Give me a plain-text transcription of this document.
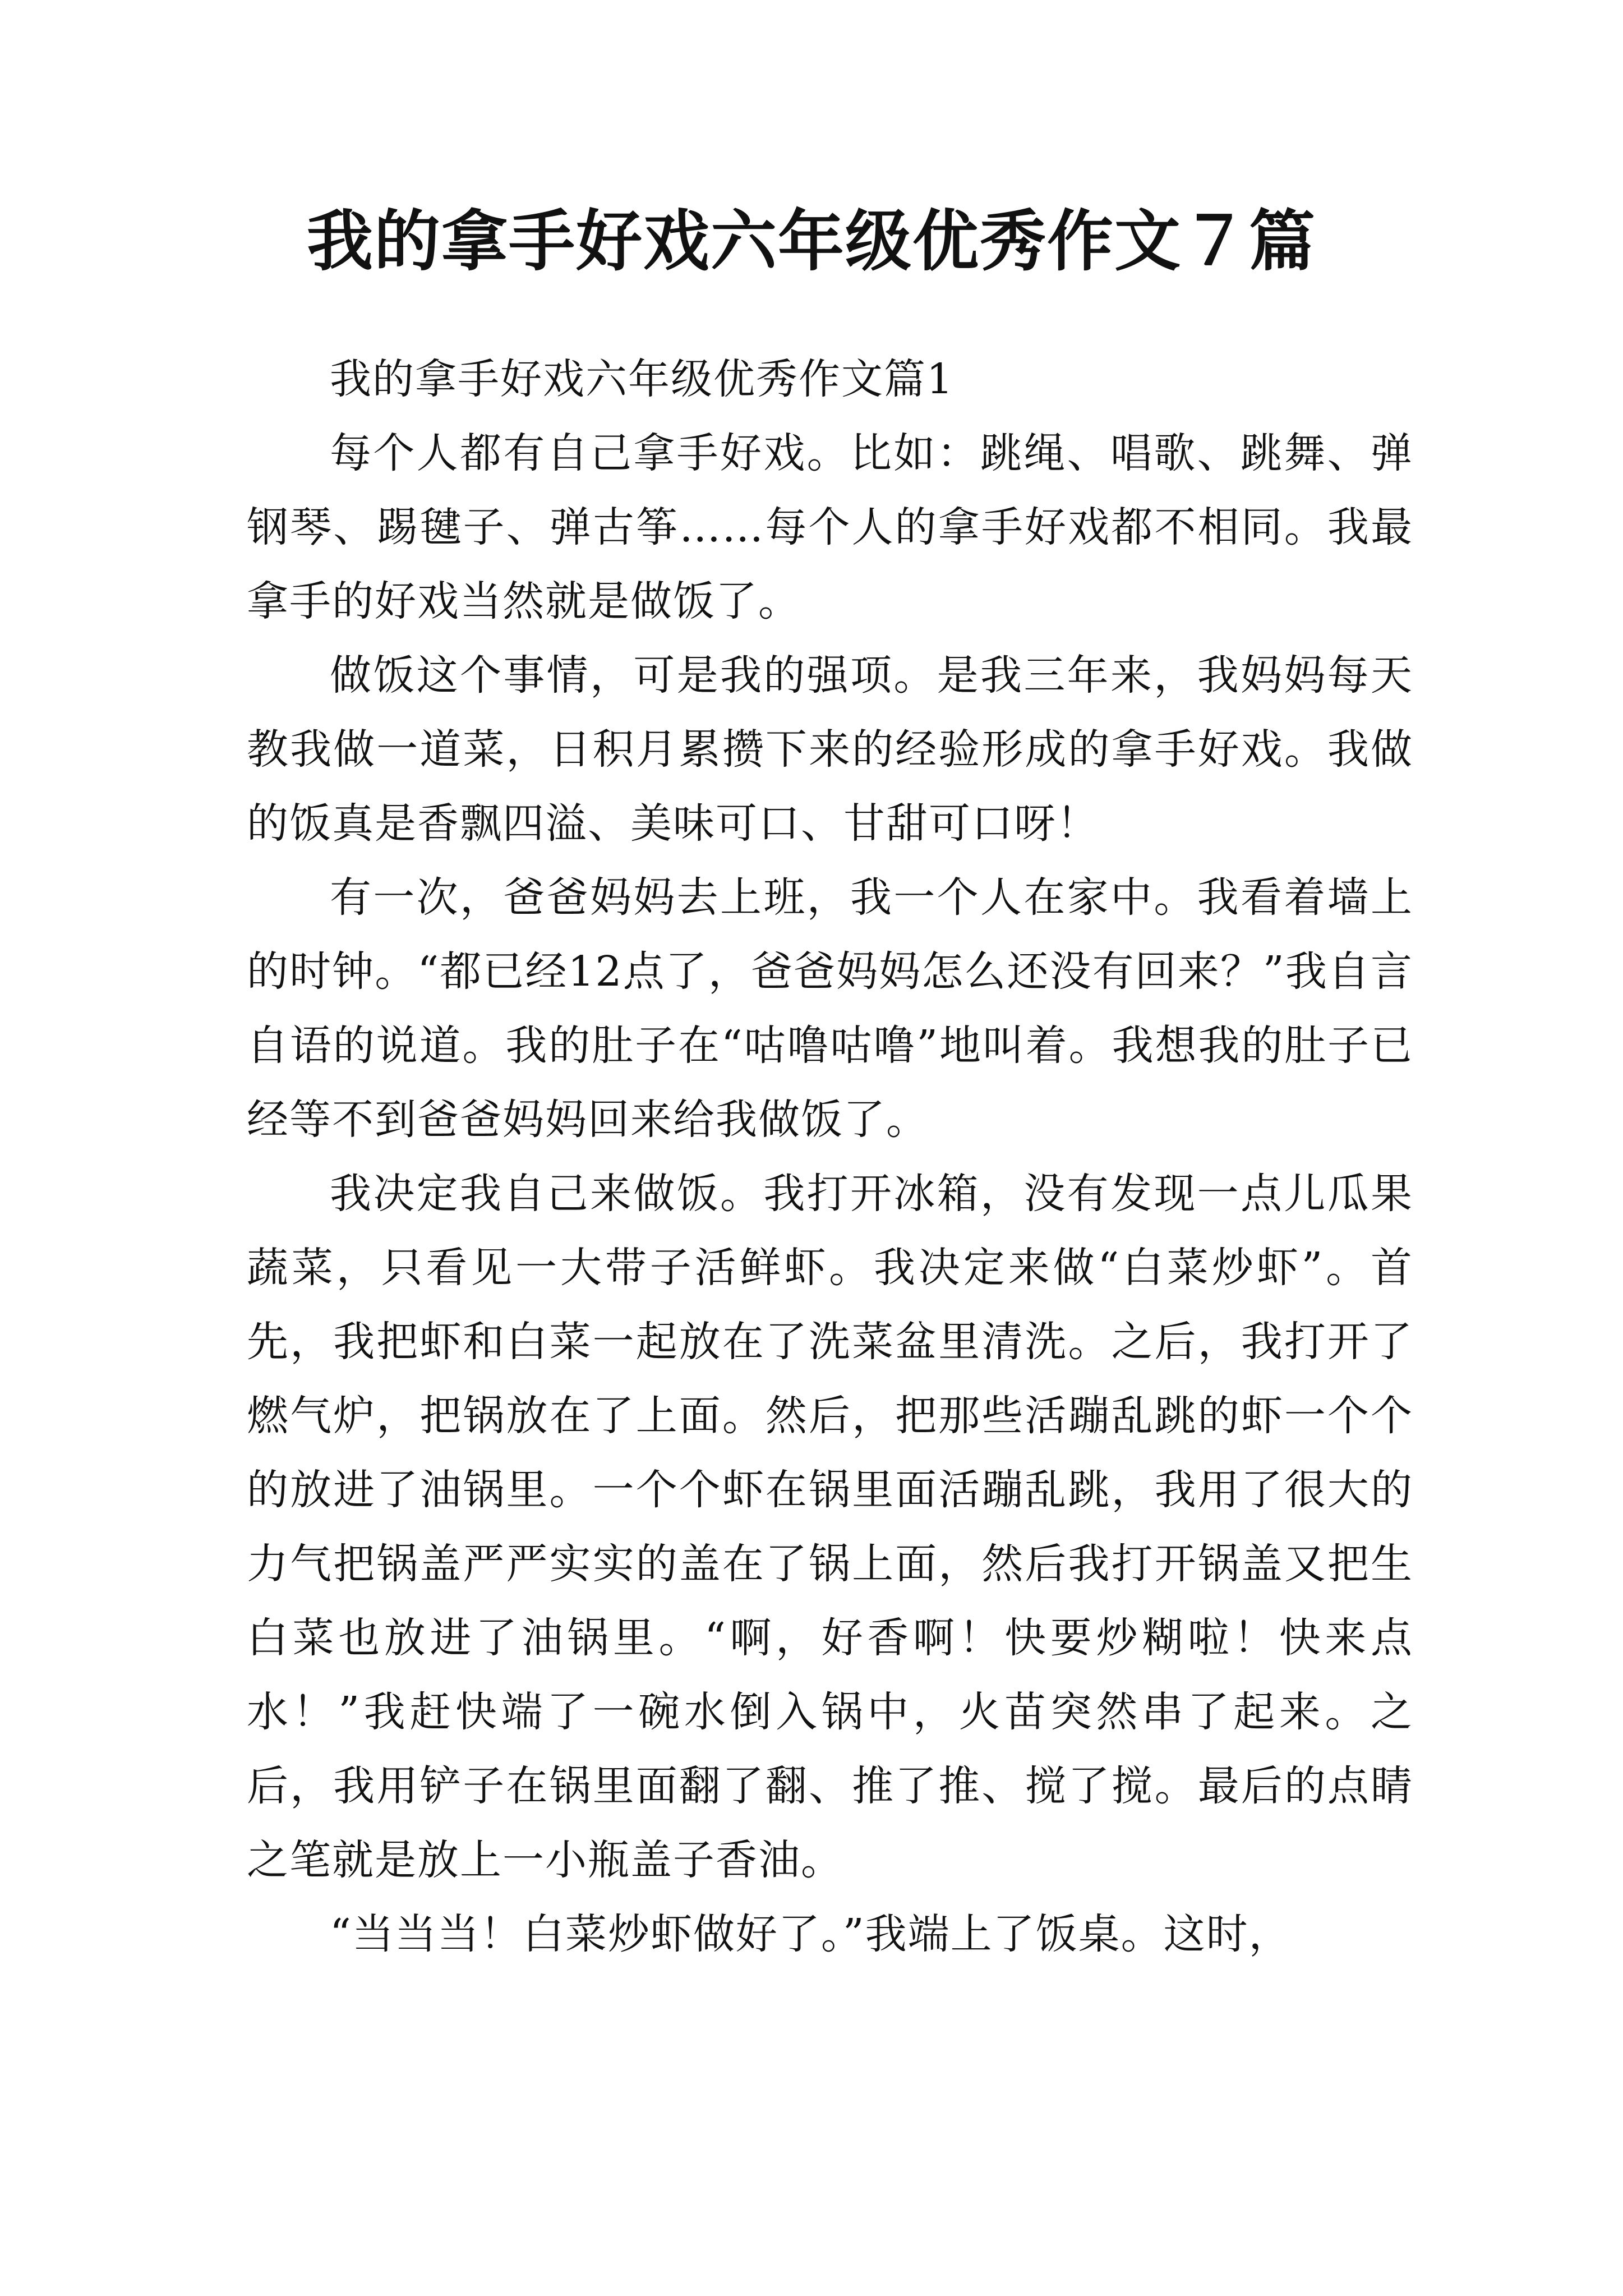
我的拿手好戏六年级优秀作文７篇

我的拿手好戏六年级优秀作文篇1

每个人都有自己拿手好戏。比如：跳绳、唱歌、跳舞、弹钢琴、踢毽子、弹古筝……每个人的拿手好戏都不相同。我最拿手的好戏当然就是做饭了。

做饭这个事情，可是我的强项。是我三年来，我妈妈每天教我做一道菜，日积月累攒下来的经验形成的拿手好戏。我做的饭真是香飘四溢、美味可口、甘甜可口呀！

有一次，爸爸妈妈去上班，我一个人在家中。我看着墙上的时钟。“都已经12点了，爸爸妈妈怎么还没有回来？”我自言自语的说道。我的肚子在“咕噜咕噜”地叫着。我想我的肚子已经等不到爸爸妈妈回来给我做饭了。

我决定我自己来做饭。我打开冰箱，没有发现一点儿瓜果蔬菜，只看见一大带子活鲜虾。我决定来做“白菜炒虾”。首先，我把虾和白菜一起放在了洗菜盆里清洗。之后，我打开了燃气炉，把锅放在了上面。然后，把那些活蹦乱跳的虾一个个的放进了油锅里。一个个虾在锅里面活蹦乱跳，我用了很大的力气把锅盖严严实实的盖在了锅上面，然后我打开锅盖又把生白菜也放进了油锅里。“啊，好香啊！快要炒糊啦！快来点水！”我赶快端了一碗水倒入锅中，火苗突然串了起来。之后，我用铲子在锅里面翻了翻、推了推、搅了搅。最后的点睛之笔就是放上一小瓶盖子香油。

“当当当！白菜炒虾做好了。”我端上了饭桌。这时，
